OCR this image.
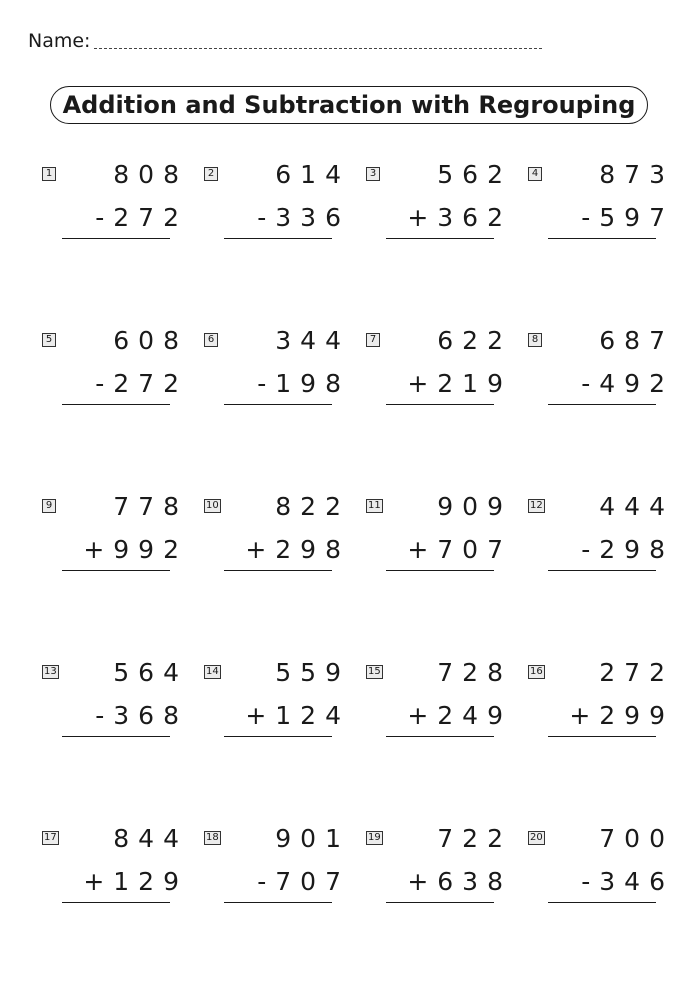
Name:
Addition and Subtraction with Regrouping
1 808
-272
2 614
-336
3 562
+362
4 873
-597
5 608
-272
6 344
-198
7 622
+219
8 687
-492
9 778
+992
10 822
+298
11 909
+707
12 444
-298
13 564
-368
14 559
+124
15 728
+249
16 272
+299
17 844
+129
18 901
-707
19 722
+638
20 700
-346
